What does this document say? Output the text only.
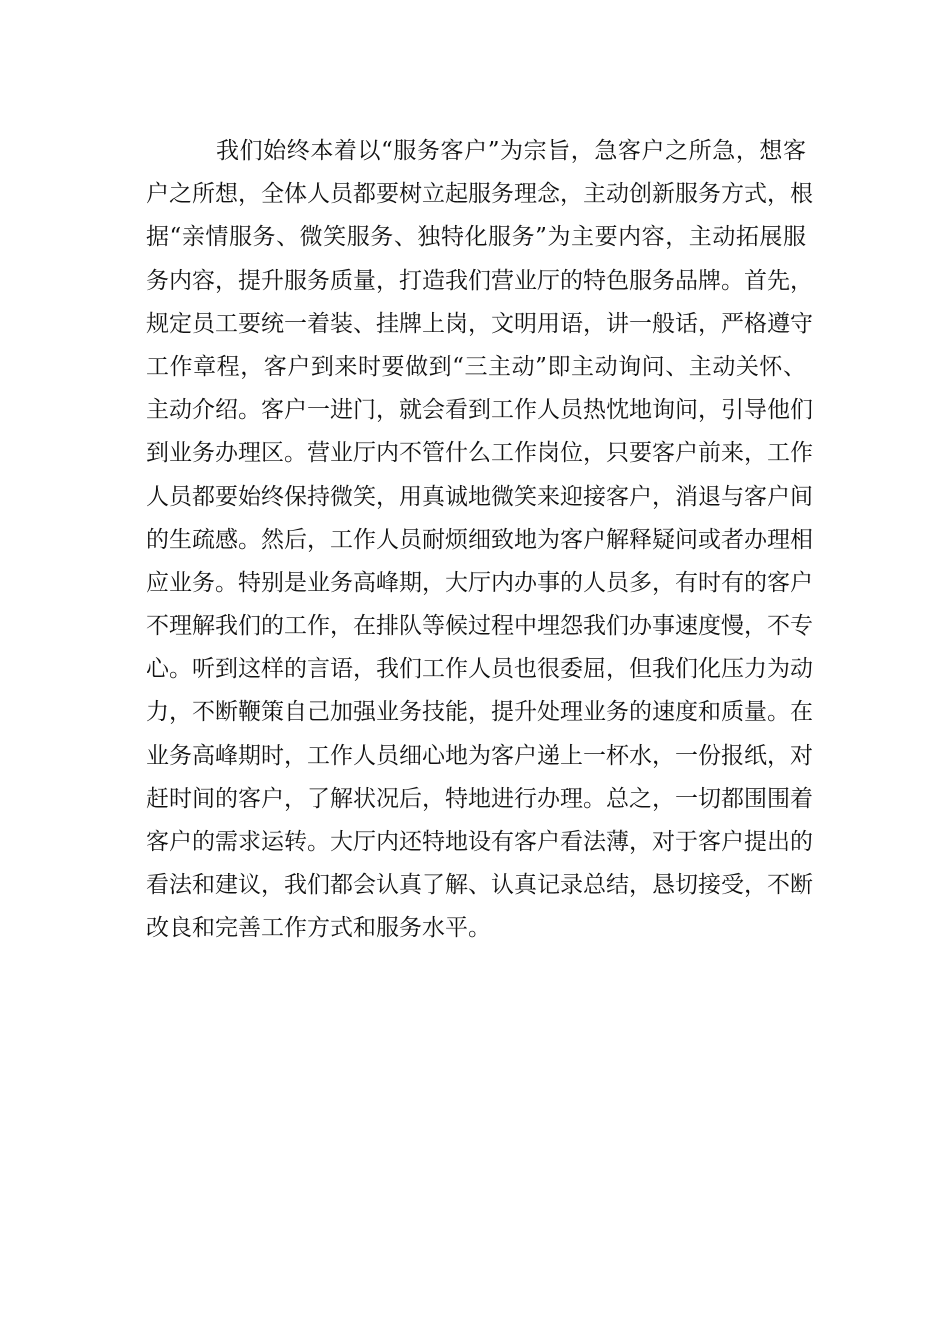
我们始终本着以“服务客户”为宗旨，急客户之所急，想客
户之所想，全体人员都要树立起服务理念，主动创新服务方式，根
据“亲情服务、微笑服务、独特化服务”为主要内容，主动拓展服
务内容，提升服务质量，打造我们营业厅的特色服务品牌。首先，
规定员工要统一着装、挂牌上岗，文明用语，讲一般话，严格遵守
工作章程，客户到来时要做到“三主动”即主动询问、主动关怀、
主动介绍。客户一进门，就会看到工作人员热忱地询问，引导他们
到业务办理区。营业厅内不管什么工作岗位，只要客户前来，工作
人员都要始终保持微笑，用真诚地微笑来迎接客户，消退与客户间
的生疏感。然后，工作人员耐烦细致地为客户解释疑问或者办理相
应业务。特别是业务高峰期，大厅内办事的人员多，有时有的客户
不理解我们的工作，在排队等候过程中埋怨我们办事速度慢，不专
心。听到这样的言语，我们工作人员也很委屈，但我们化压力为动
力，不断鞭策自己加强业务技能，提升处理业务的速度和质量。在
业务高峰期时，工作人员细心地为客户递上一杯水，一份报纸，对
赶时间的客户，了解状况后，特地进行办理。总之，一切都围围着
客户的需求运转。大厅内还特地设有客户看法薄，对于客户提出的
看法和建议，我们都会认真了解、认真记录总结，恳切接受，不断
改良和完善工作方式和服务水平。
